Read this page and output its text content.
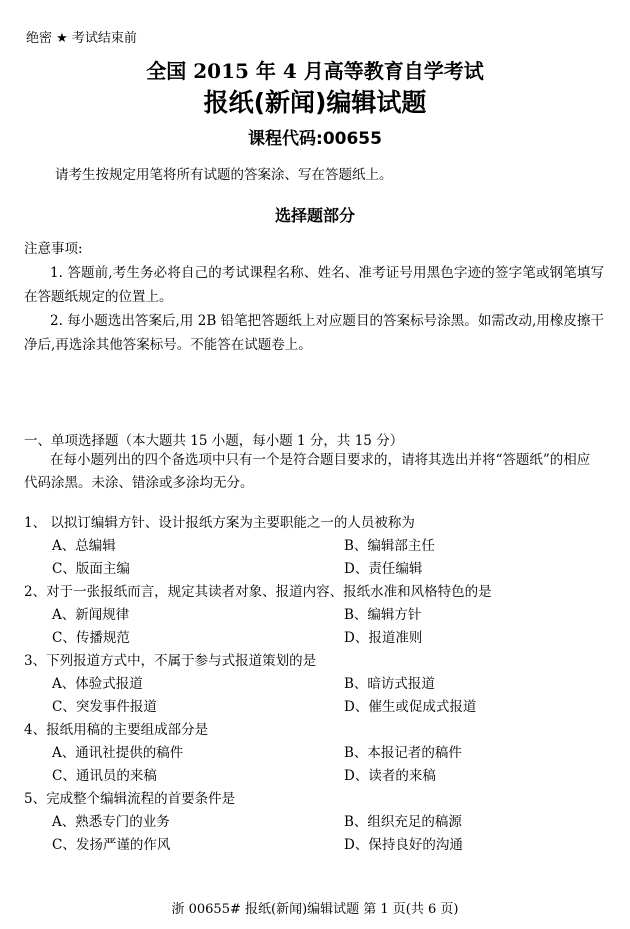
绝密 ★ 考试结束前
全国 2015 年 4 月高等教育自学考试
报纸(新闻)编辑试题
课程代码:00655
请考生按规定用笔将所有试题的答案涂、写在答题纸上。
选择题部分

注意事项:

1. 答题前,考生务必将自己的考试课程名称、姓名、准考证号用黑色字迹的签字笔或钢笔填写在答题纸规定的位置上。

2. 每小题选出答案后,用 2B 铅笔把答题纸上对应题目的答案标号涂黑。如需改动,用橡皮擦干净后,再选涂其他答案标号。不能答在试题卷上。

一、单项选择题（本大题共 15 小题，每小题 1 分，共 15 分）
在每小题列出的四个备选项中只有一个是符合题目要求的，请将其选出并将“答题纸”的相应代码涂黑。未涂、错涂或多涂均无分。
1、 以拟订编辑方针、设计报纸方案为主要职能之一的人员被称为
A、总编辑	B、编辑部主任
C、版面主编	D、责任编辑
2、对于一张报纸而言，规定其读者对象、报道内容、报纸水准和风格特色的是
A、新闻规律	B、编辑方针
C、传播规范	D、报道准则
3、下列报道方式中，不属于参与式报道策划的是
A、体验式报道	B、暗访式报道
C、突发事件报道	D、催生或促成式报道
4、报纸用稿的主要组成部分是
A、通讯社提供的稿件	B、本报记者的稿件
C、通讯员的来稿	D、读者的来稿
5、完成整个编辑流程的首要条件是
A、熟悉专门的业务	B、组织充足的稿源
C、发扬严谨的作风	D、保持良好的沟通
浙 00655# 报纸(新闻)编辑试题 第 1 页(共 6 页)
